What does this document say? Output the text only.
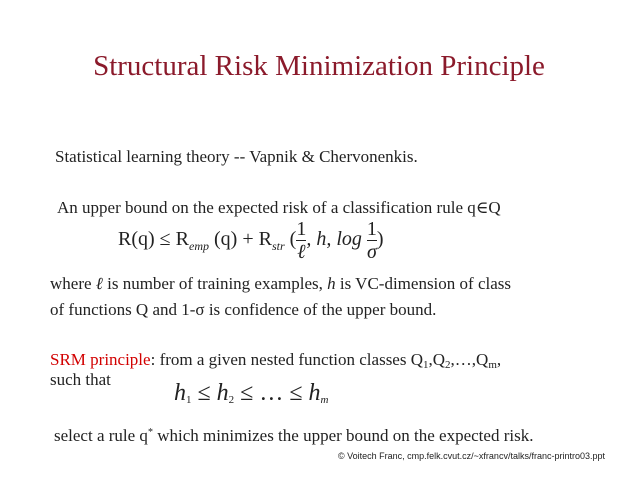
Structural Risk Minimization Principle
Statistical learning theory -- Vapnik & Chervonenkis.
An upper bound on the expected risk of a classification rule q∈Q
$R(q) \le R_{emp}$ $(q) + R_{str}$ ( $\frac{1}{\text{ℓ}}$ , h, $\log \frac{1}{\sigma}$ )
where ℓ is number of training examples, h is VC-dimension of class
of functions Q and 1-σ is confidence of the upper bound.
SRM principle: from a given nested function classes $Q_1,Q_2,\dots,Q_m$,
such that
$h_1 \le h_2$ ≤ … ≤ $h_m$
select a rule q* which minimizes the upper bound on the expected risk.
© Voitech Franc, cmp.felk.cvut.cz/~xfrancv/talks/franc-printro03.ppt
